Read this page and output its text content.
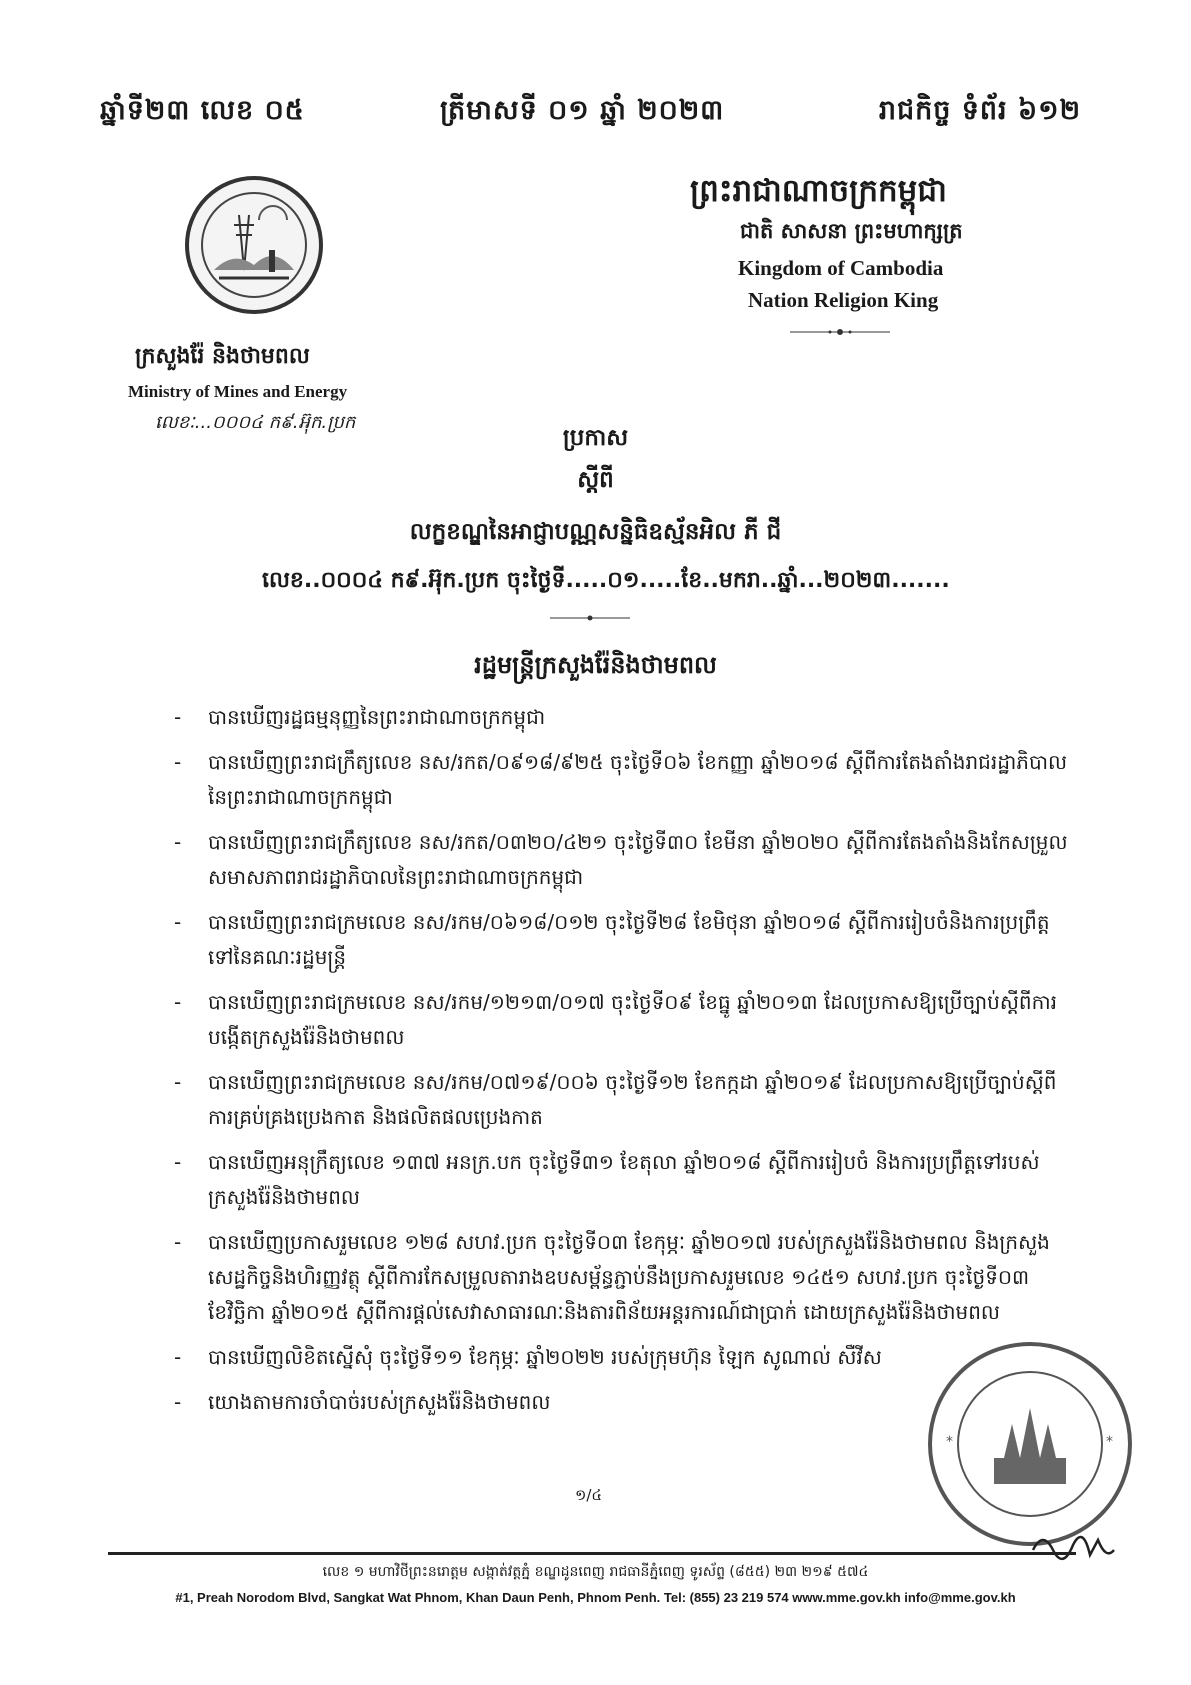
ឆ្នាំទី២៣ លេខ ០៥	ត្រីមាសទី ០១ ឆ្នាំ ២០២៣	រាជកិច្ច ទំព័រ ៦១២
ក្រសួងរ៉ែ និងថាមពល
Ministry of Mines and Energy
លេខៈ...០០០៤ ក៩.អ៊ុក.ប្រក
ព្រះរាជាណាចក្រកម្ពុជា
ជាតិ សាសនា ព្រះមហាក្សត្រ
Kingdom of Cambodia
Nation Religion King
ប្រកាស
ស្តីពី
លក្ខខណ្ឌនៃអាជ្ញាបណ្ណសន្និធិឧស្ម័នអិល ភី ជី
លេខ..០០០៤ ក៩.អ៊ុក.ប្រក ចុះថ្ងៃទី.....០១.....ខែ..មករា..ឆ្នាំ...២០២៣.......
រដ្ឋមន្ត្រីក្រសួងរ៉ែនិងថាមពល
- បានឃើញរដ្ឋធម្មនុញ្ញនៃព្រះរាជាណាចក្រកម្ពុជា
- បានឃើញព្រះរាជក្រឹត្យលេខ នស/រកត/០៩១៨/៩២៥ ចុះថ្ងៃទី០៦ ខែកញ្ញា ឆ្នាំ២០១៨ ស្តីពីការតែងតាំងរាជរដ្ឋាភិបាលនៃព្រះរាជាណាចក្រកម្ពុជា
- បានឃើញព្រះរាជក្រឹត្យលេខ នស/រកត/០៣២០/៤២១ ចុះថ្ងៃទី៣០ ខែមីនា ឆ្នាំ២០២០ ស្តីពីការតែងតាំងនិងកែសម្រួលសមាសភាពរាជរដ្ឋាភិបាលនៃព្រះរាជាណាចក្រកម្ពុជា
- បានឃើញព្រះរាជក្រមលេខ នស/រកម/០៦១៨/០១២ ចុះថ្ងៃទី២៨ ខែមិថុនា ឆ្នាំ២០១៨ ស្តីពីការរៀបចំនិងការប្រព្រឹត្តទៅនៃគណៈរដ្ឋមន្ត្រី
- បានឃើញព្រះរាជក្រមលេខ នស/រកម/១២១៣/០១៧ ចុះថ្ងៃទី០៩ ខែធ្នូ ឆ្នាំ២០១៣ ដែលប្រកាសឱ្យប្រើច្បាប់ស្តីពីការបង្កើតក្រសួងរ៉ែនិងថាមពល
- បានឃើញព្រះរាជក្រមលេខ នស/រកម/០៧១៩/០០៦ ចុះថ្ងៃទី១២ ខែកក្កដា ឆ្នាំ២០១៩ ដែលប្រកាសឱ្យប្រើច្បាប់ស្តីពីការគ្រប់គ្រងប្រេងកាត និងផលិតផលប្រេងកាត
- បានឃើញអនុក្រឹត្យលេខ ១៣៧ អនក្រ.បក ចុះថ្ងៃទី៣១ ខែតុលា ឆ្នាំ២០១៨ ស្តីពីការរៀបចំ និងការប្រព្រឹត្តទៅរបស់ក្រសួងរ៉ែនិងថាមពល
- បានឃើញប្រកាសរួមលេខ ១២៨ សហវ.ប្រក ចុះថ្ងៃទី០៣ ខែកុម្ភៈ ឆ្នាំ២០១៧ របស់ក្រសួងរ៉ែនិងថាមពល និងក្រសួងសេដ្ឋកិច្ចនិងហិរញ្ញវត្ថុ ស្តីពីការកែសម្រួលតារាងឧបសម្ព័ន្ធភ្ជាប់នឹងប្រកាសរួមលេខ ១៤៥១ សហវ.ប្រក ចុះថ្ងៃទី០៣ ខែវិច្ឆិកា ឆ្នាំ២០១៥ ស្តីពីការផ្តល់សេវាសាធារណៈនិងតារពិន័យអន្តរការណ៍ជាប្រាក់ ដោយក្រសួងរ៉ែនិងថាមពល
- បានឃើញលិខិតស្នើសុំ ចុះថ្ងៃទី១១ ខែកុម្ភៈ ឆ្នាំ២០២២ របស់ក្រុមហ៊ុន ឡៃក សូណាល់ សឺវីស
- យោងតាមការចាំបាច់របស់ក្រសួងរ៉ែនិងថាមពល
១/៤
*	*
លេខ ១ មហាវិថីព្រះនរោត្តម សង្កាត់វត្តភ្នំ ខណ្ឌដូនពេញ រាជធានីភ្នំពេញ ទូរស័ព្ទ (៨៥៥) ២៣ ២១៩ ៥៧៤
#1, Preah Norodom Blvd, Sangkat Wat Phnom, Khan Daun Penh, Phnom Penh. Tel: (855) 23 219 574 www.mme.gov.kh info@mme.gov.kh
